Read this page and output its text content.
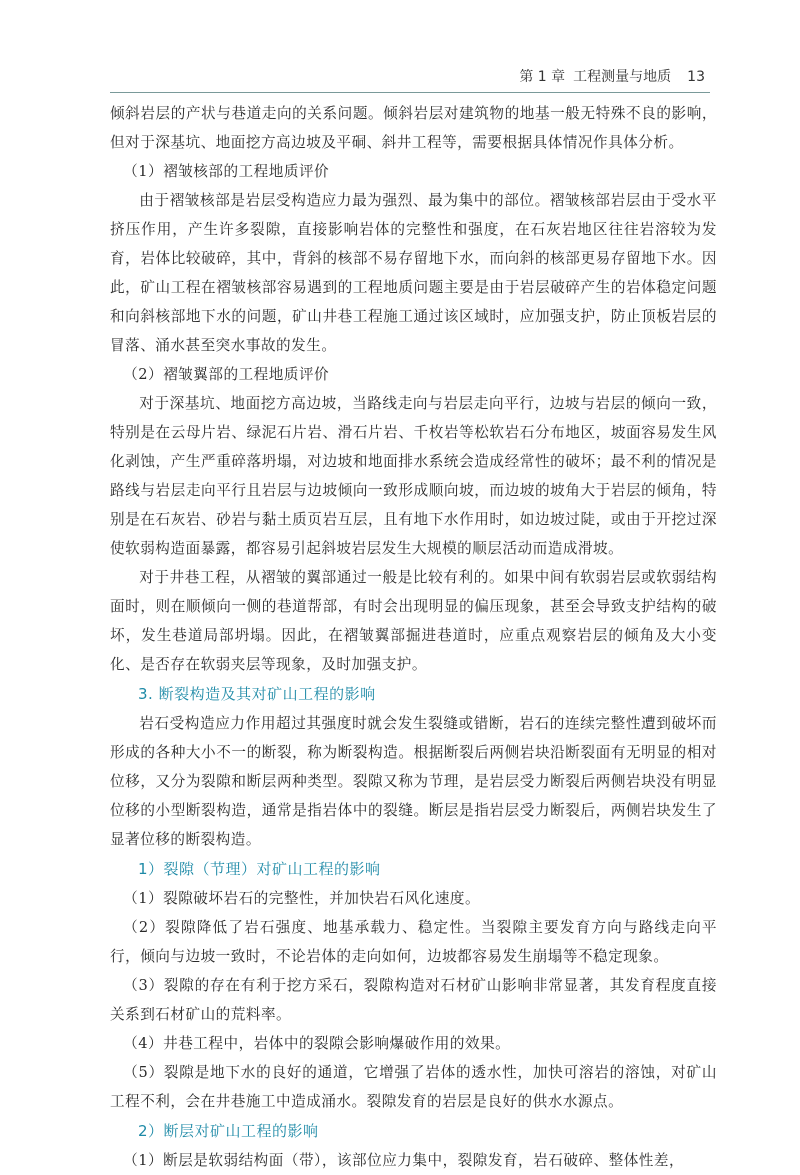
第 1 章 工程测量与地质 13

倾斜岩层的产状与巷道走向的关系问题。倾斜岩层对建筑物的地基一般无特殊不良的影响，但对于深基坑、地面挖方高边坡及平硐、斜井工程等，需要根据具体情况作具体分析。

（1）褶皱核部的工程地质评价

由于褶皱核部是岩层受构造应力最为强烈、最为集中的部位。褶皱核部岩层由于受水平挤压作用，产生许多裂隙，直接影响岩体的完整性和强度，在石灰岩地区往往岩溶较为发育，岩体比较破碎，其中，背斜的核部不易存留地下水，而向斜的核部更易存留地下水。因此，矿山工程在褶皱核部容易遇到的工程地质问题主要是由于岩层破碎产生的岩体稳定问题和向斜核部地下水的问题，矿山井巷工程施工通过该区域时，应加强支护，防止顶板岩层的冒落、涌水甚至突水事故的发生。

（2）褶皱翼部的工程地质评价

对于深基坑、地面挖方高边坡，当路线走向与岩层走向平行，边坡与岩层的倾向一致，特别是在云母片岩、绿泥石片岩、滑石片岩、千枚岩等松软岩石分布地区，坡面容易发生风化剥蚀，产生严重碎落坍塌，对边坡和地面排水系统会造成经常性的破坏；最不利的情况是路线与岩层走向平行且岩层与边坡倾向一致形成顺向坡，而边坡的坡角大于岩层的倾角，特别是在石灰岩、砂岩与黏土质页岩互层，且有地下水作用时，如边坡过陡，或由于开挖过深使软弱构造面暴露，都容易引起斜坡岩层发生大规模的顺层活动而造成滑坡。

对于井巷工程，从褶皱的翼部通过一般是比较有利的。如果中间有软弱岩层或软弱结构面时，则在顺倾向一侧的巷道帮部，有时会出现明显的偏压现象，甚至会导致支护结构的破坏，发生巷道局部坍塌。因此，在褶皱翼部掘进巷道时，应重点观察岩层的倾角及大小变化、是否存在软弱夹层等现象，及时加强支护。

3. 断裂构造及其对矿山工程的影响

岩石受构造应力作用超过其强度时就会发生裂缝或错断，岩石的连续完整性遭到破坏而形成的各种大小不一的断裂，称为断裂构造。根据断裂后两侧岩块沿断裂面有无明显的相对位移，又分为裂隙和断层两种类型。裂隙又称为节理，是岩层受力断裂后两侧岩块没有明显位移的小型断裂构造，通常是指岩体中的裂缝。断层是指岩层受力断裂后，两侧岩块发生了显著位移的断裂构造。

1）裂隙（节理）对矿山工程的影响

（1）裂隙破坏岩石的完整性，并加快岩石风化速度。

（2）裂隙降低了岩石强度、地基承载力、稳定性。当裂隙主要发育方向与路线走向平行，倾向与边坡一致时，不论岩体的走向如何，边坡都容易发生崩塌等不稳定现象。

（3）裂隙的存在有利于挖方采石，裂隙构造对石材矿山影响非常显著，其发育程度直接关系到石材矿山的荒料率。

（4）井巷工程中，岩体中的裂隙会影响爆破作用的效果。

（5）裂隙是地下水的良好的通道，它增强了岩体的透水性，加快可溶岩的溶蚀，对矿山工程不利，会在井巷施工中造成涌水。裂隙发育的岩层是良好的供水水源点。

2）断层对矿山工程的影响

（1）断层是软弱结构面（带），该部位应力集中，裂隙发育，岩石破碎、整体性差，
